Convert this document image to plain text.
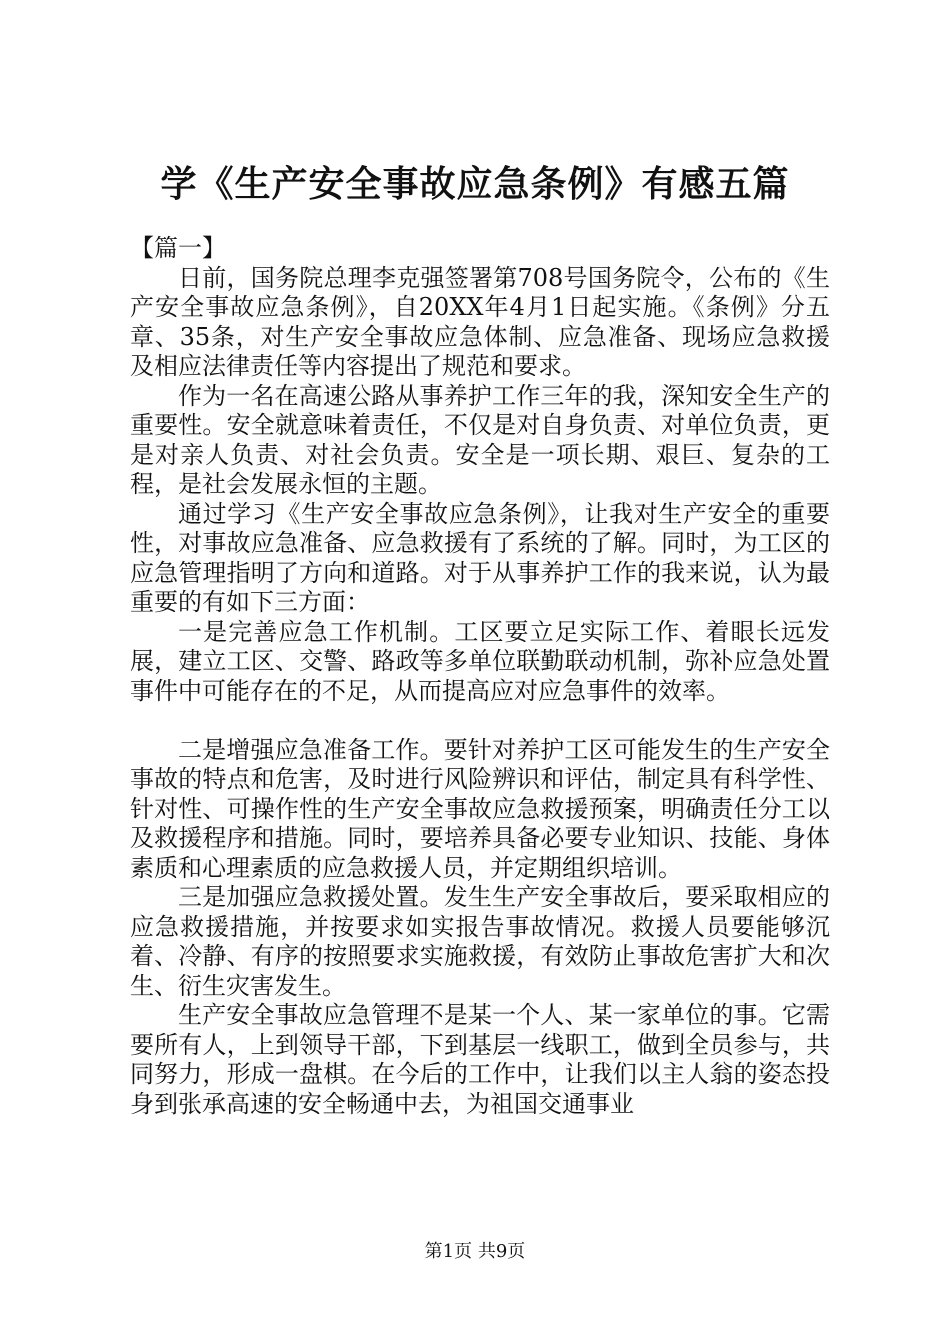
学《生产安全事故应急条例》有感五篇

【篇一】

日前，国务院总理李克强签署第708号国务院令，公布的《生产安全事故应急条例》，自20XX年4月1日起实施。《条例》分五章、35条，对生产安全事故应急体制、应急准备、现场应急救援及相应法律责任等内容提出了规范和要求。

作为一名在高速公路从事养护工作三年的我，深知安全生产的重要性。安全就意味着责任，不仅是对自身负责、对单位负责，更是对亲人负责、对社会负责。安全是一项长期、艰巨、复杂的工程，是社会发展永恒的主题。

通过学习《生产安全事故应急条例》，让我对生产安全的重要性，对事故应急准备、应急救援有了系统的了解。同时，为工区的应急管理指明了方向和道路。对于从事养护工作的我来说，认为最重要的有如下三方面：

一是完善应急工作机制。工区要立足实际工作、着眼长远发展，建立工区、交警、路政等多单位联勤联动机制，弥补应急处置事件中可能存在的不足，从而提高应对应急事件的效率。

二是增强应急准备工作。要针对养护工区可能发生的生产安全事故的特点和危害，及时进行风险辨识和评估，制定具有科学性、针对性、可操作性的生产安全事故应急救援预案，明确责任分工以及救援程序和措施。同时，要培养具备必要专业知识、技能、身体素质和心理素质的应急救援人员，并定期组织培训。

三是加强应急救援处置。发生生产安全事故后，要采取相应的应急救援措施，并按要求如实报告事故情况。救援人员要能够沉着、冷静、有序的按照要求实施救援，有效防止事故危害扩大和次生、衍生灾害发生。

生产安全事故应急管理不是某一个人、某一家单位的事。它需要所有人，上到领导干部，下到基层一线职工，做到全员参与，共同努力，形成一盘棋。在今后的工作中，让我们以主人翁的姿态投身到张承高速的安全畅通中去，为祖国交通事业

第1页 共9页
